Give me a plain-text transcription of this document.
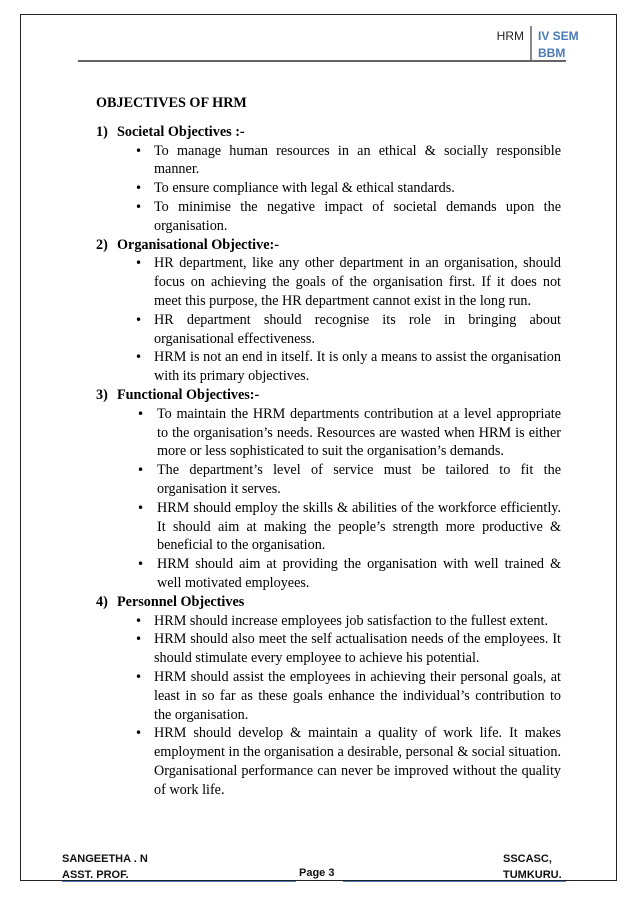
HRM	IV SEM
BBM
OBJECTIVES OF HRM
1) Societal Objectives :-
• To manage human resources in an ethical & socially responsible manner.
• To ensure compliance with legal & ethical standards.
• To minimise the negative impact of societal demands upon the organisation.
2) Organisational Objective:-
• HR department, like any other department in an organisation, should focus on achieving the goals of the organisation first. If it does not meet this purpose, the HR department cannot exist in the long run.
• HR department should recognise its role in bringing about organisational effectiveness.
• HRM is not an end in itself. It is only a means to assist the organisation with its primary objectives.
3) Functional Objectives:-
• To maintain the HRM departments contribution at a level appropriate to the organisation’s needs. Resources are wasted when HRM is either more or less sophisticated to suit the organisation’s demands.
• The department’s level of service must be tailored to fit the organisation it serves.
• HRM should employ the skills & abilities of the workforce efficiently. It should aim at making the people’s strength more productive & beneficial to the organisation.
• HRM should aim at providing the organisation with well trained & well motivated employees.
4) Personnel Objectives
• HRM should increase employees job satisfaction to the fullest extent.
• HRM should also meet the self actualisation needs of the employees. It should stimulate every employee to achieve his potential.
• HRM should assist the employees in achieving their personal goals, at least in so far as these goals enhance the individual’s contribution to the organisation.
• HRM should develop & maintain a quality of work life. It makes employment in the organisation a desirable, personal & social situation. Organisational performance can never be improved without the quality of work life.
SANGEETHA . N
ASST. PROF.	Page 3
SSCASC,
TUMKURU.
